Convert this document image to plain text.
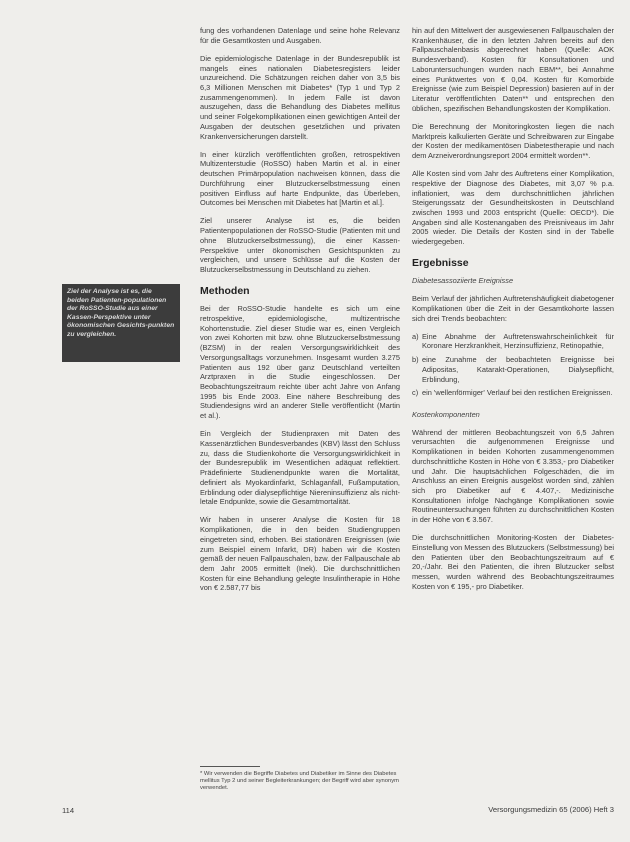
Ziel der Analyse ist es, die beiden Patienten-populationen der RoSSO-Studie aus einer Kassen-Perspektive unter ökonomischen Gesichts-punkten zu vergleichen.

fung des vorhandenen Datenlage und seine hohe Relevanz für die Gesamtkosten und Ausgaben.

Die epidemiologische Datenlage in der Bundesrepublik ist mangels eines nationalen Diabetesregisters leider unzureichend. Die Schätzungen reichen daher von 3,5 bis 6,3 Millionen Menschen mit Diabetes* (Typ 1 und Typ 2 zusammengenommen). In jedem Falle ist davon auszugehen, dass die Behandlung des Diabetes mellitus und seiner Folgekomplikationen einen gewichtigen Anteil der Ausgaben der deutschen gesetzlichen und privaten Krankenversicherungen darstellt.

In einer kürzlich veröffentlichten großen, retrospektiven Multizenterstudie (RoSSO) haben Martin et al. in einer deutschen Primärpopulation nachweisen können, dass die Durchführung einer Blutzuckerselbstmessung einen positiven Einfluss auf harte Endpunkte, das Überleben, Outcomes bei Menschen mit Diabetes hat [Martin et al.].

Ziel unserer Analyse ist es, die beiden Patientenpopulationen der RoSSO-Studie (Patienten mit und ohne Blutzuckerselbstmessung), die einer Kassen-Perspektive unter ökonomischen Gesichtspunkten zu vergleichen, und unsere Schlüsse auf die Kosten der Blutzuckerselbstmessung in Deutschland zu ziehen.

Methoden

Bei der RoSSO-Studie handelte es sich um eine retrospektive, epidemiologische, multizentrische Kohortenstudie. Ziel dieser Studie war es, einen Vergleich von zwei Kohorten mit bzw. ohne Blutzuckerselbstmessung (BZSM) in der realen Versorgungswirklichkeit des Versorgungsalltags vorzunehmen. Insgesamt wurden 3.275 Patienten aus 192 über ganz Deutschland verteilten Arztpraxen in die Studie eingeschlossen. Der Beobachtungszeitraum reichte über acht Jahre von Anfang 1995 bis Ende 2003. Eine nähere Beschreibung des Studiendesigns wird an anderer Stelle veröffentlicht (Martin et al.).

Ein Vergleich der Studienpraxen mit Daten des Kassenärztlichen Bundesverbandes (KBV) lässt den Schluss zu, dass die Studienkohorte die Versorgungswirklichkeit in der Bundesrepublik im Wesentlichen adäquat reflektiert. Prädefinierte Studienendpunkte waren die Mortalität, definiert als Myokardinfarkt, Schlaganfall, Fußamputation, Erblindung oder dialysepflichtige Niereninsuffizienz als nicht-letale Endpunkte, sowie die Gesamtmortalität.

Wir haben in unserer Analyse die Kosten für 18 Komplikationen, die in den beiden Studiengruppen eingetreten sind, erhoben. Bei stationären Ereignissen (wie zum Beispiel einem Infarkt, DR) haben wir die Kosten gemäß der neuen Fallpauschalen, bzw. der Fallpauschale ab dem Jahr 2005 ermittelt (Inek). Die durchschnittlichen Kosten für eine Behandlung gelegte Insulintherapie in Höhe von € 2.587,77 bis

hin auf den Mittelwert der ausgewiesenen Fallpauschalen der Krankenhäuser, die in den letzten Jahren bereits auf den Fallpauschalenbasis abgerechnet haben (Quelle: AOK Bundesverband). Kosten für Konsultationen und Laboruntersuchungen wurden nach EBM**, bei Annahme eines Punktwertes von € 0,04. Kosten für Komorbide Ereignisse (wie zum Beispiel Depression) basieren auf in der Literatur veröffentlichten Daten** und entsprechen den üblichen, spezifischen Behandlungskosten der Komplikation.

Die Berechnung der Monitoringkosten liegen die nach Marktpreis kalkulierten Geräte und Schreibwaren zur Eingabe der Kosten der medikamentösen Diabetestherapie und nach dem Arzneiverordnungsreport 2004 ermittelt worden**.

Alle Kosten sind vom Jahr des Auftretens einer Komplikation, respektive der Diagnose des Diabetes, mit 3,07 % p.a. inflationiert, was dem durchschnittlichen jährlichen Steigerungssatz der Gesundheitskosten in Deutschland zwischen 1993 und 2003 entspricht (Quelle: OECD*). Die Angaben sind alle Kostenangaben des Preisniveaus im Jahr 2005 wieder. Die Details der Kosten sind in der Tabelle wiedergegeben.

Ergebnisse
Diabetesassoziierte Ereignisse

Beim Verlauf der jährlichen Auftretenshäufigkeit diabetogener Komplikationen über die Zeit in der Gesamtkohorte lassen sich drei Trends beobachten:

a) Eine Abnahme der Auftretenswahrscheinlichkeit für Koronare Herzkrankheit, Herzinsuffizienz, Retinopathie,
b) eine Zunahme der beobachteten Ereignisse bei Adipositas, Katarakt-Operationen, Dialysepflicht, Erblindung,
c) ein 'wellenförmiger' Verlauf bei den restlichen Ereignissen.
Kostenkomponenten

Während der mittleren Beobachtungszeit von 6,5 Jahren verursachten die aufgenommenen Ereignisse und Komplikationen in beiden Kohorten zusammengenommen durchschnittliche Kosten in Höhe von € 3.353,- pro Diabetiker und Jahr. Die hauptsächlichen Folgeschäden, die im Anschluss an einen Ereignis ausgelöst worden sind, zählen sich pro Diabetiker auf € 4.407,-. Medizinische Konsultationen infolge Nachgänge Komplikationen sowie Routineuntersuchungen führten zu durchschnittlichen Kosten in der Höhe von € 3.567.

Die durchschnittlichen Monitoring-Kosten der Diabetes-Einstellung von Messen des Blutzuckers (Selbstmessung) bei den Patienten über den Beobachtungszeitraum auf € 20,-/Jahr. Bei den Patienten, die ihren Blutzucker selbst messen, wurden während des Beobachtungszeitraumes Kosten von € 195,- pro Diabetiker.

* Wir verwenden die Begriffe Diabetes und Diabetiker im Sinne des Diabetes mellitus Typ 2 und seiner Begleiterkrankungen; der Begriff wird aber synonym verwendet.
114	Versorgungsmedizin 65 (2006) Heft 3
